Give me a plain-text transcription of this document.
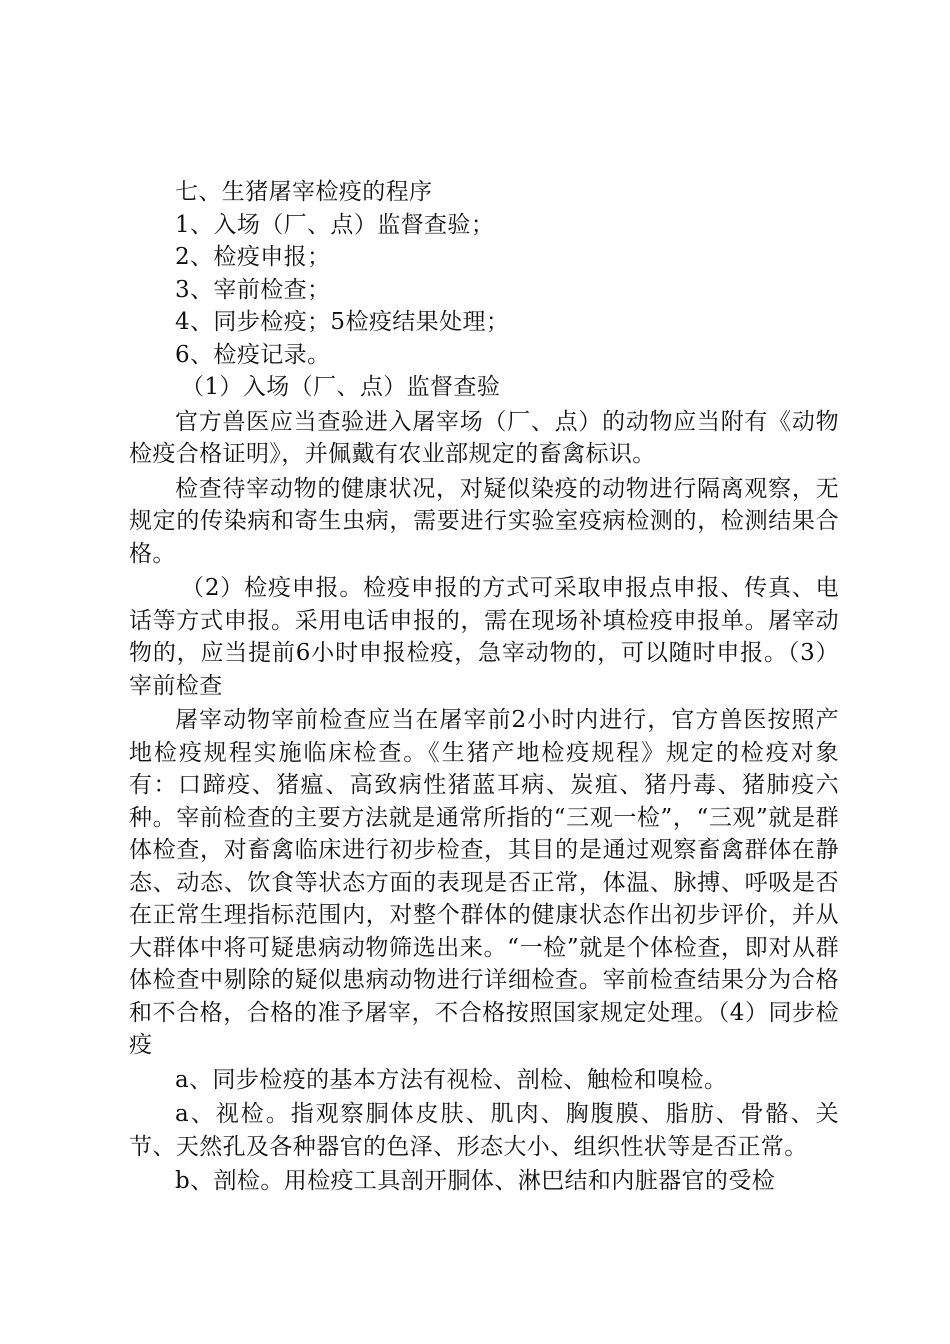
七、生猪屠宰检疫的程序

1、入场（厂、点）监督查验；

2、检疫申报；

3、宰前检查；

4、同步检疫；5检疫结果处理；

6、检疫记录。

（1）入场（厂、点）监督查验

官方兽医应当查验进入屠宰场（厂、点）的动物应当附有《动物检疫合格证明》，并佩戴有农业部规定的畜禽标识。

检查待宰动物的健康状况，对疑似染疫的动物进行隔离观察，无规定的传染病和寄生虫病，需要进行实验室疫病检测的，检测结果合格。

（2）检疫申报。检疫申报的方式可采取申报点申报、传真、电话等方式申报。采用电话申报的，需在现场补填检疫申报单。屠宰动物的，应当提前6小时申报检疫，急宰动物的，可以随时申报。（3）宰前检查

屠宰动物宰前检查应当在屠宰前2小时内进行，官方兽医按照产地检疫规程实施临床检查。《生猪产地检疫规程》规定的检疫对象有：口蹄疫、猪瘟、高致病性猪蓝耳病、炭疽、猪丹毒、猪肺疫六种。宰前检查的主要方法就是通常所指的“三观一检”，“三观”就是群体检查，对畜禽临床进行初步检查，其目的是通过观察畜禽群体在静态、动态、饮食等状态方面的表现是否正常，体温、脉搏、呼吸是否在正常生理指标范围内，对整个群体的健康状态作出初步评价，并从大群体中将可疑患病动物筛选出来。“一检”就是个体检查，即对从群体检查中剔除的疑似患病动物进行详细检查。宰前检查结果分为合格和不合格，合格的准予屠宰，不合格按照国家规定处理。（4）同步检疫

a、同步检疫的基本方法有视检、剖检、触检和嗅检。

a、视检。指观察胴体皮肤、肌肉、胸腹膜、脂肪、骨骼、关节、天然孔及各种器官的色泽、形态大小、组织性状等是否正常。

b、剖检。用检疫工具剖开胴体、淋巴结和内脏器官的受检
